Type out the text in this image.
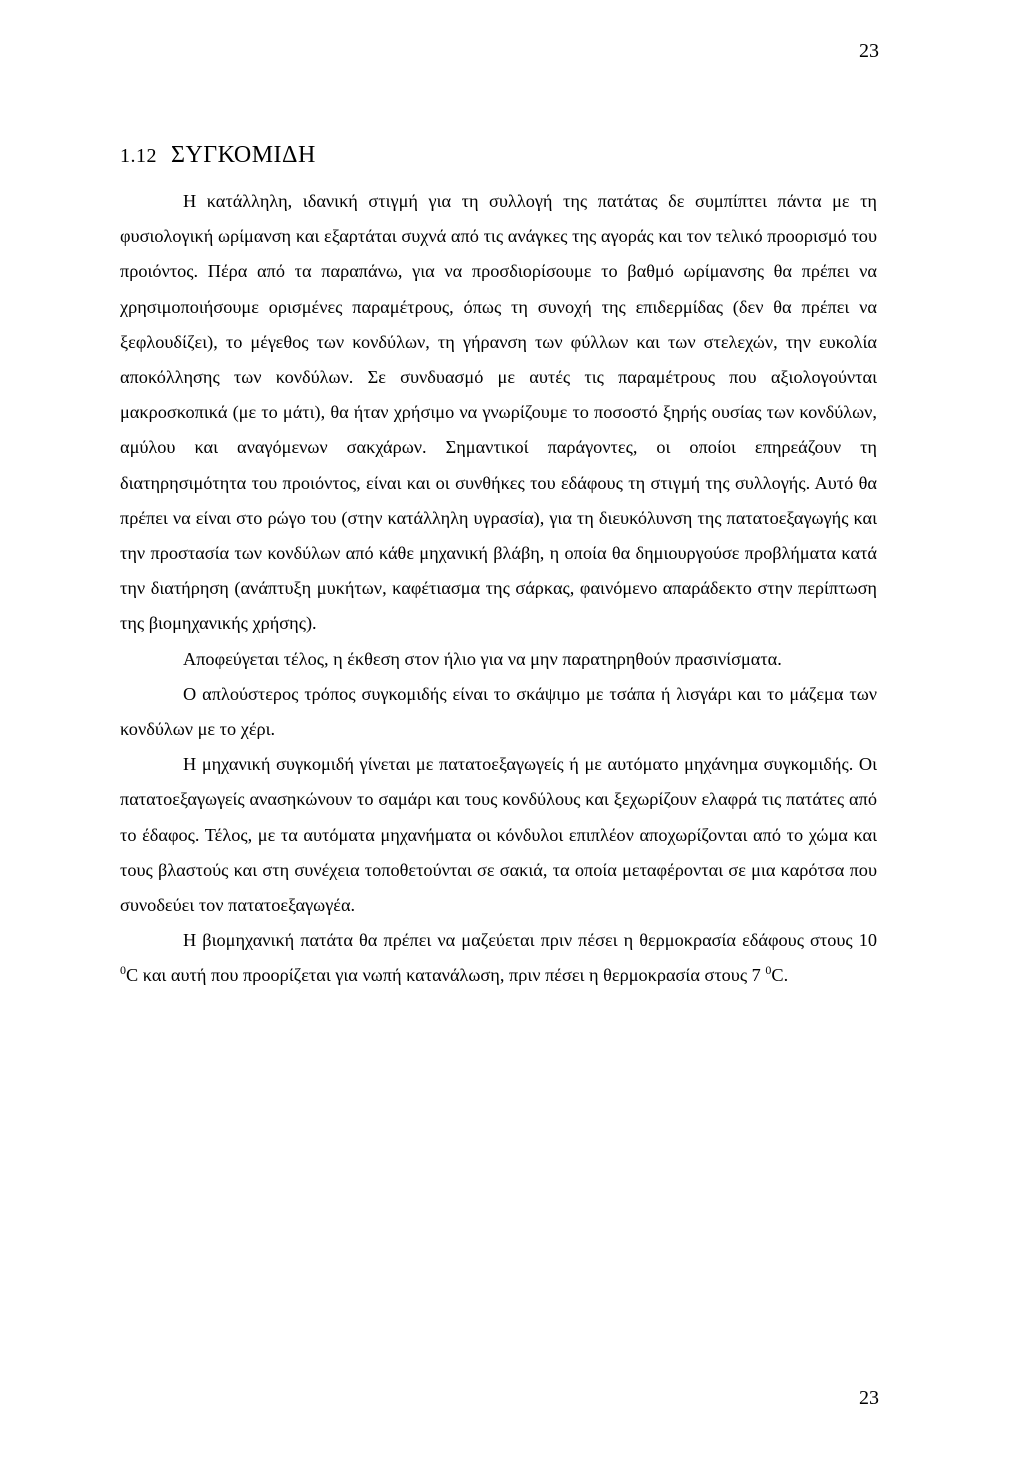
23
1.12 ΣΥΓΚΟΜΙΔΗ

Η κατάλληλη, ιδανική στιγμή για τη συλλογή της πατάτας δε συμπίπτει πάντα με τη φυσιολογική ωρίμανση και εξαρτάται συχνά από τις ανάγκες της αγοράς και τον τελικό προορισμό του προιόντος. Πέρα από τα παραπάνω, για να προσδιορίσουμε το βαθμό ωρίμανσης θα πρέπει να χρησιμοποιήσουμε ορισμένες παραμέτρους, όπως τη συνοχή της επιδερμίδας (δεν θα πρέπει να ξεφλουδίζει), το μέγεθος των κονδύλων, τη γήρανση των φύλλων και των στελεχών, την ευκολία αποκόλλησης των κονδύλων. Σε συνδυασμό με αυτές τις παραμέτρους που αξιολογούνται μακροσκοπικά (με το μάτι), θα ήταν χρήσιμο να γνωρίζουμε το ποσοστό ξηρής ουσίας των κονδύλων, αμύλου και αναγόμενων σακχάρων. Σημαντικοί παράγοντες, οι οποίοι επηρεάζουν τη διατηρησιμότητα του προιόντος, είναι και οι συνθήκες του εδάφους τη στιγμή της συλλογής. Αυτό θα πρέπει να είναι στο ρώγο του (στην κατάλληλη υγρασία), για τη διευκόλυνση της πατατοεξαγωγής και την προστασία των κονδύλων από κάθε μηχανική βλάβη, η οποία θα δημιουργούσε προβλήματα κατά την διατήρηση (ανάπτυξη μυκήτων, καφέτιασμα της σάρκας, φαινόμενο απαράδεκτο στην περίπτωση της βιομηχανικής χρήσης).

Αποφεύγεται τέλος, η έκθεση στον ήλιο για να μην παρατηρηθούν πρασινίσματα.

Ο απλούστερος τρόπος συγκομιδής είναι το σκάψιμο με τσάπα ή λισγάρι και το μάζεμα των κονδύλων με το χέρι.

Η μηχανική συγκομιδή γίνεται με πατατοεξαγωγείς ή με αυτόματο μηχάνημα συγκομιδής. Οι πατατοεξαγωγείς ανασηκώνουν το σαμάρι και τους κονδύλους και ξεχωρίζουν ελαφρά τις πατάτες από το έδαφος. Τέλος, με τα αυτόματα μηχανήματα οι κόνδυλοι επιπλέον αποχωρίζονται από το χώμα και τους βλαστούς και στη συνέχεια τοποθετούνται σε σακιά, τα οποία μεταφέρονται σε μια καρότσα που συνοδεύει τον πατατοεξαγωγέα.

Η βιομηχανική πατάτα θα πρέπει να μαζεύεται πριν πέσει η θερμοκρασία εδάφους στους 10 $^0$C και αυτή που προορίζεται για νωπή κατανάλωση, πριν πέσει η θερμοκρασία στους 7 $^0$C.

23
